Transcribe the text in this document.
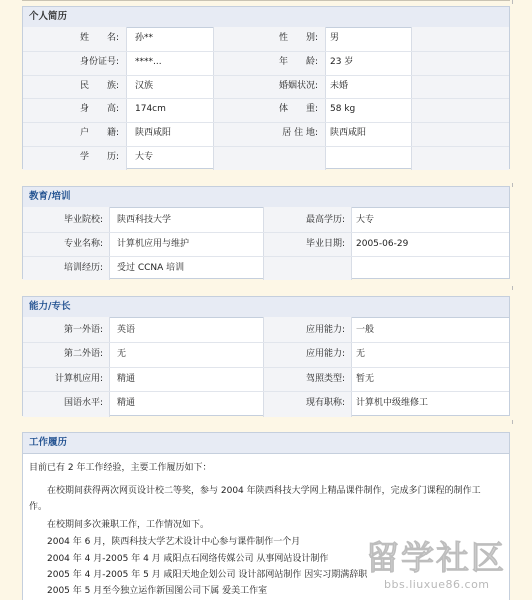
个人简历
姓　　名: 孙**	性　　别: 男
身份证号: ****...	年　　龄: 23 岁
民　　族: 汉族	婚姻状况: 未婚
身　　高: 174cm	体　　重: 58 kg
户　　籍: 陕西咸阳	居 住 地: 陕西咸阳
学　　历: 大专
教育/培训
毕业院校: 陕西科技大学	最高学历: 大专
专业名称: 计算机应用与维护	毕业日期: 2005-06-29
培训经历: 受过 CCNA 培训
能力/专长
第一外语: 英语	应用能力: 一般
第二外语: 无	应用能力: 无
计算机应用: 精通	驾照类型: 暂无
国语水平: 精通	现有职称: 计算机中级维修工
工作履历
目前已有 2 年工作经验，主要工作履历如下：
在校期间获得两次网页设计校二等奖，参与 2004 年陕西科技大学网上精品课件制作，完成多门课程的制作工
作。
在校期间多次兼职工作，工作情况如下。
2004 年 6 月，陕西科技大学艺术设计中心参与课件制作一个月
2004 年 4 月-2005 年 4 月 咸阳点石网络传媒公司 从事网站设计制作
2005 年 4 月-2005 年 5 月 咸阳天地企划公司 设计部网站制作 因实习期满辞职
2005 年 5 月至今独立运作新国图公司下属 爱美工作室
留学社区
bbs.liuxue86.com
